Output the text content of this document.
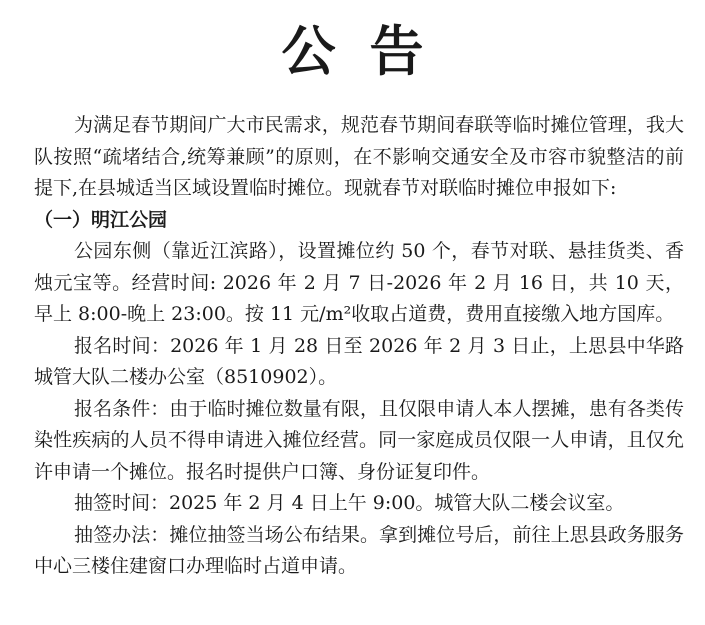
公告

为满足春节期间广大市民需求，规范春节期间春联等临时摊位管理，我大队按照“疏堵结合,统筹兼顾”的原则，在不影响交通安全及市容市貌整洁的前提下,在县城适当区域设置临时摊位。现就春节对联临时摊位申报如下:

（一）明江公园

公园东侧（靠近江滨路），设置摊位约 50 个，春节对联、悬挂货类、香烛元宝等。经营时间: 2026 年 2 月 7 日-2026 年 2 月 16 日，共 10 天，早上 8:00-晚上 23:00。按 11 元/m²收取占道费，费用直接缴入地方国库。

报名时间：2026 年 1 月 28 日至 2026 年 2 月 3 日止，上思县中华路城管大队二楼办公室（8510902）。

报名条件：由于临时摊位数量有限，且仅限申请人本人摆摊，患有各类传染性疾病的人员不得申请进入摊位经营。同一家庭成员仅限一人申请，且仅允许申请一个摊位。报名时提供户口簿、身份证复印件。

抽签时间：2025 年 2 月 4 日上午 9:00。城管大队二楼会议室。

抽签办法：摊位抽签当场公布结果。拿到摊位号后，前往上思县政务服务中心三楼住建窗口办理临时占道申请。
